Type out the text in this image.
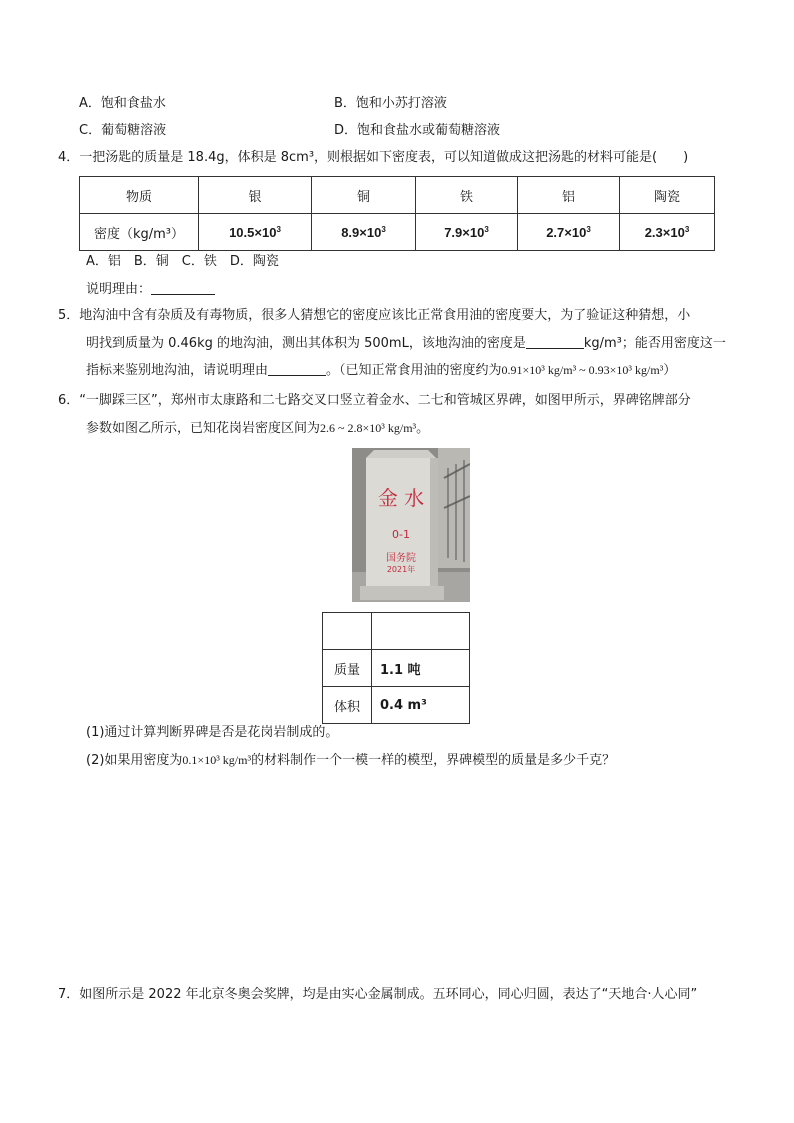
A．饱和食盐水	B．饱和小苏打溶液
C．葡萄糖溶液	D．饱和食盐水或葡萄糖溶液
4．一把汤匙的质量是 18.4g，体积是 8cm³，则根据如下密度表，可以知道做成这把汤匙的材料可能是(　　)
物质	银	铜	铁	铝	陶瓷
密度（kg/m³）	$10.5\times 10^3$	$8.9\times 10^3$	$7.9\times 10^3$	$2.7\times 10^3$	$2.3\times 10^3$
A．铝　B．铜　C．铁　D．陶瓷
说明理由：
5．地沟油中含有杂质及有毒物质，很多人猜想它的密度应该比正常食用油的密度要大，为了验证这种猜想，小
明找到质量为 0.46kg 的地沟油，测出其体积为 500mL，该地沟油的密度是	kg/m³；能否用密度这一
指标来鉴别地沟油，请说明理由	。（已知正常食用油的密度约为0.91×10³ kg/m³ ~ 0.93×10³ kg/m³）
6．“一脚踩三区”，郑州市太康路和二七路交叉口竖立着金水、二七和管城区界碑，如图甲所示，界碑铭牌部分
参数如图乙所示，已知花岗岩密度区间为2.6 ~ 2.8×10³ kg/m³。
金 水
0-1
国务院
2021年

质量	1.1 吨
体积	0.4 m³
(1)通过计算判断界碑是否是花岗岩制成的。
(2)如果用密度为0.1×10³ kg/m³的材料制作一个一模一样的模型，界碑模型的质量是多少千克？
7．如图所示是 2022 年北京冬奥会奖牌，均是由实心金属制成。五环同心，同心归圆，表达了“天地合·人心同”
